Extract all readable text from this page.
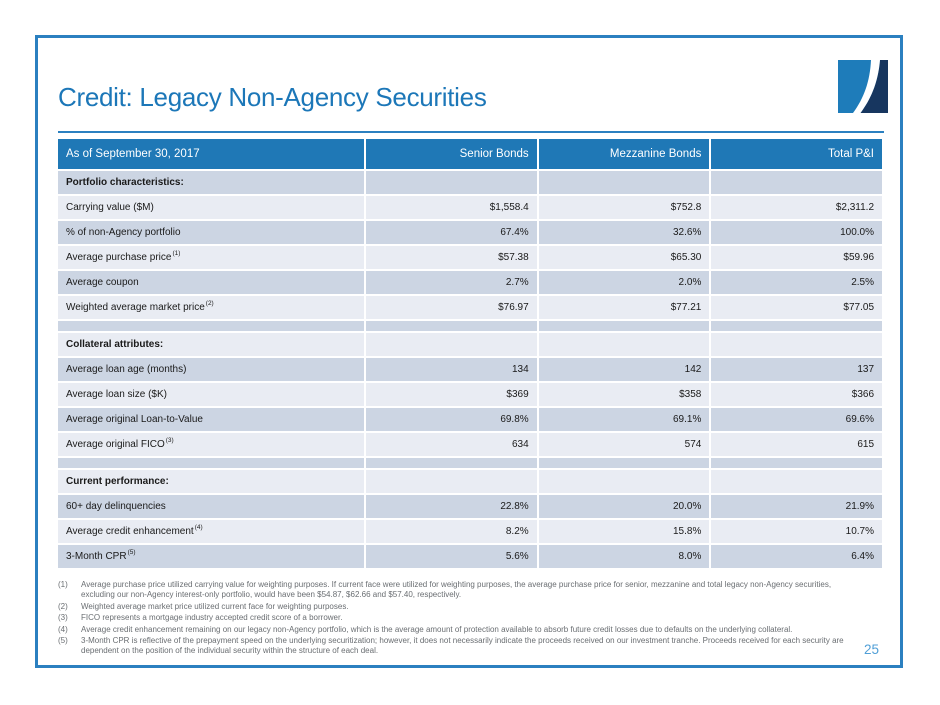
Credit: Legacy Non-Agency Securities
As of September 30, 2017	Senior Bonds	Mezzanine Bonds	Total P&I
Portfolio characteristics:
Carrying value ($M)	$1,558.4	$752.8	$2,311.2
% of non-Agency portfolio	67.4%	32.6%	100.0%
Average purchase price$^{(1)}$	$57.38	$65.30	$59.96
Average coupon	2.7%	2.0%	2.5%
Weighted average market price$^{(2)}$	$76.97	$77.21	$77.05
Collateral attributes:
Average loan age (months)	134	142	137
Average loan size ($K)	$369	$358	$366
Average original Loan-to-Value	69.8%	69.1%	69.6%
Average original FICO$^{(3)}$	634	574	615
Current performance:
60+ day delinquencies	22.8%	20.0%	21.9%
Average credit enhancement$^{(4)}$	8.2%	15.8%	10.7%
3-Month CPR$^{(5)}$	5.6%	8.0%	6.4%
(1)	Average purchase price utilized carrying value for weighting purposes. If current face were utilized for weighting purposes, the average purchase price for senior, mezzanine and total legacy non-Agency securities, excluding our non-Agency interest-only portfolio, would have been $54.87, $62.66 and $57.40, respectively.
(2)	Weighted average market price utilized current face for weighting purposes.
(3)	FICO represents a mortgage industry accepted credit score of a borrower.
(4)	Average credit enhancement remaining on our legacy non-Agency portfolio, which is the average amount of protection available to absorb future credit losses due to defaults on the underlying collateral.
(5)	3-Month CPR is reflective of the prepayment speed on the underlying securitization; however, it does not necessarily indicate the proceeds received on our investment tranche. Proceeds received for each security are dependent on the position of the individual security within the structure of each deal.	25
